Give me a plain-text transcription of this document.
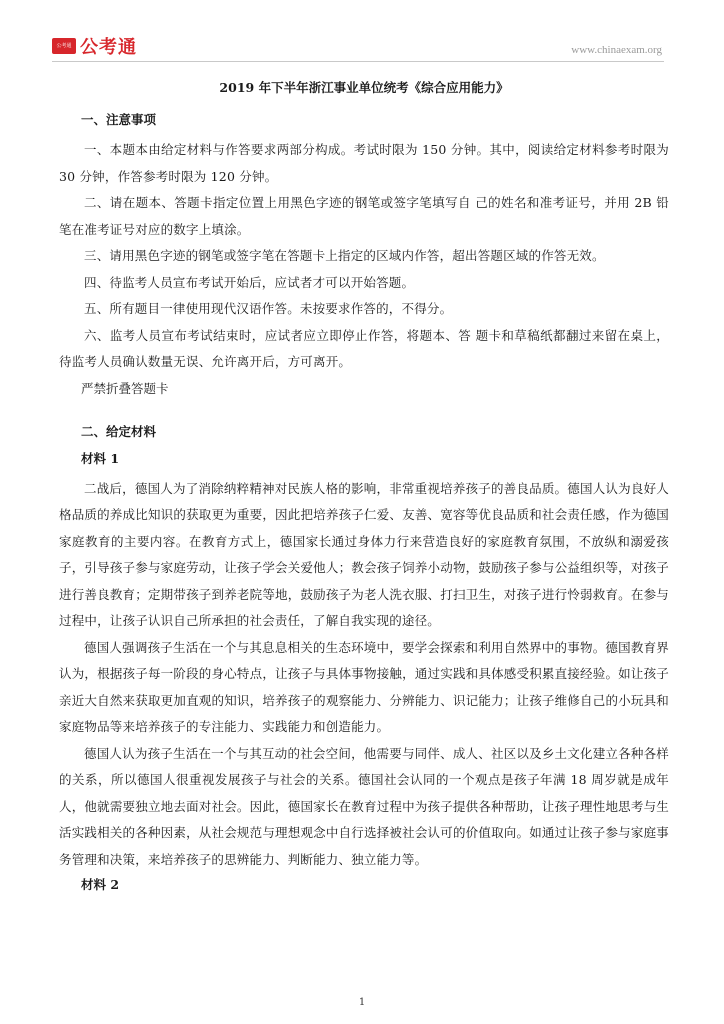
公考通 公考通	www.chinaexam.org
2019 年下半年浙江事业单位统考《综合应用能力》
一、注意事项

一、本题本由给定材料与作答要求两部分构成。考试时限为 150 分钟。其中，阅读给定材料参考时限为 30 分钟，作答参考时限为 120 分钟。

二、请在题本、答题卡指定位置上用黑色字迹的钢笔或签字笔填写自 己的姓名和准考证号，并用 2B 铅笔在准考证号对应的数字上填涂。

三、请用黑色字迹的钢笔或签字笔在答题卡上指定的区域内作答，超出答题区域的作答无效。

四、待监考人员宣布考试开始后，应试者才可以开始答题。

五、所有题目一律使用现代汉语作答。未按要求作答的，不得分。

六、监考人员宣布考试结束时，应试者应立即停止作答，将题本、答 题卡和草稿纸都翻过来留在桌上，待监考人员确认数量无误、允许离开后，方可离开。

严禁折叠答题卡
二、给定材料
材料 1

二战后，德国人为了消除纳粹精神对民族人格的影响，非常重视培养孩子的善良品质。德国人认为良好人格品质的养成比知识的获取更为重要，因此把培养孩子仁爱、友善、宽容等优良品质和社会责任感，作为德国家庭教育的主要内容。在教育方式上，德国家长通过身体力行来营造良好的家庭教育氛围，不放纵和溺爱孩子，引导孩子参与家庭劳动，让孩子学会关爱他人；教会孩子饲养小动物，鼓励孩子参与公益组织等，对孩子进行善良教育；定期带孩子到养老院等地，鼓励孩子为老人洗衣服、打扫卫生，对孩子进行怜弱救育。在参与过程中，让孩子认识自己所承担的社会责任，了解自我实现的途径。

德国人强调孩子生活在一个与其息息相关的生态环境中，要学会探索和利用自然界中的事物。德国教育界认为，根据孩子每一阶段的身心特点，让孩子与具体事物接触，通过实践和具体感受积累直接经验。如让孩子亲近大自然来获取更加直观的知识，培养孩子的观察能力、分辨能力、识记能力；让孩子维修自己的小玩具和家庭物品等来培养孩子的专注能力、实践能力和创造能力。

德国人认为孩子生活在一个与其互动的社会空间，他需要与同伴、成人、社区以及乡土文化建立各种各样的关系，所以德国人很重视发展孩子与社会的关系。德国社会认同的一个观点是孩子年满 18 周岁就是成年人，他就需要独立地去面对社会。因此，德国家长在教育过程中为孩子提供各种帮助，让孩子理性地思考与生活实践相关的各种因素，从社会规范与理想观念中自行选择被社会认可的价值取向。如通过让孩子参与家庭事务管理和决策，来培养孩子的思辨能力、判断能力、独立能力等。

材料 2
1
